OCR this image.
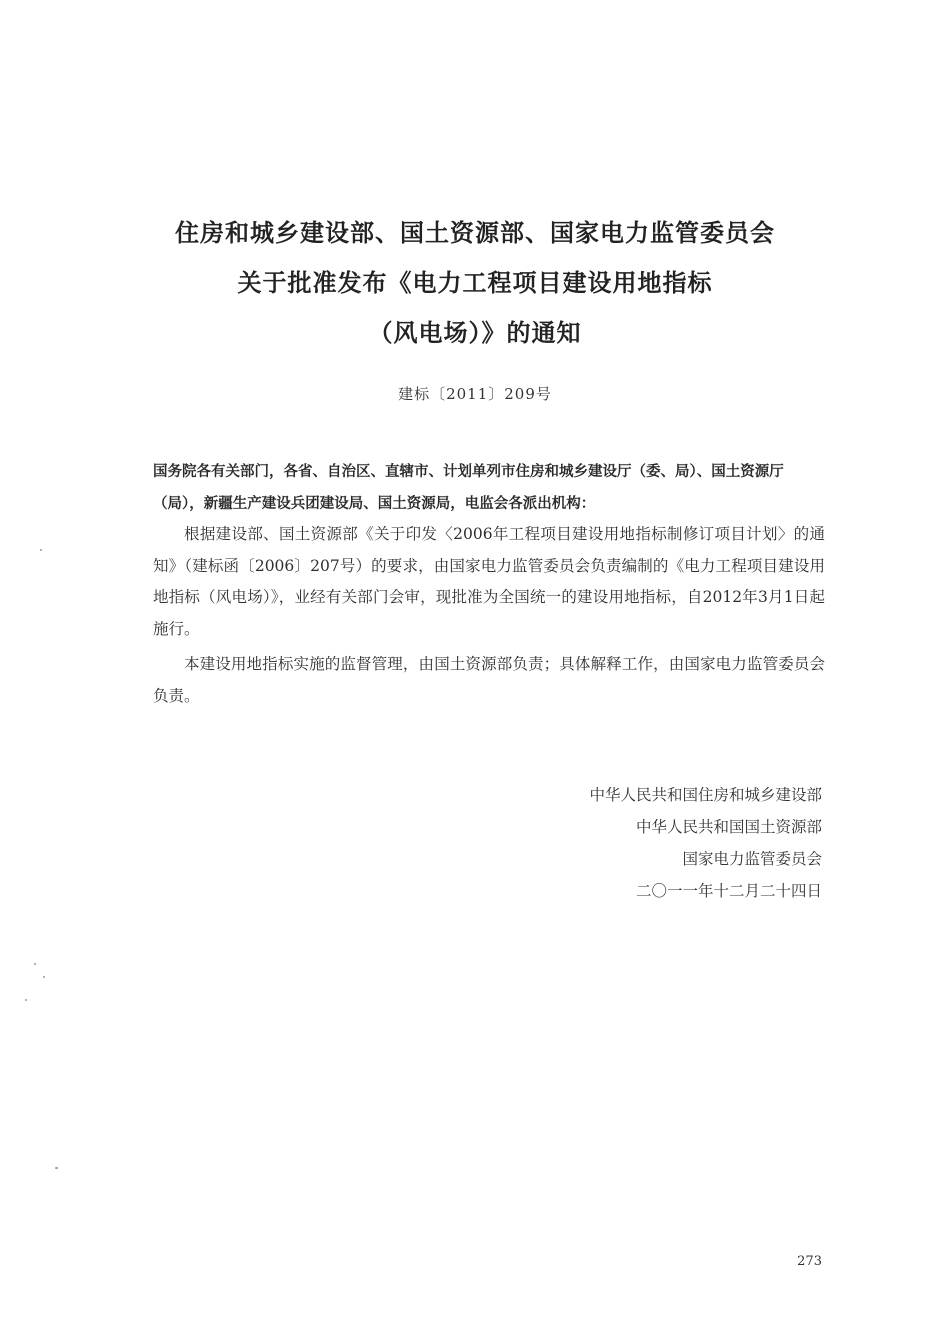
住房和城乡建设部、国土资源部、国家电力监管委员会
关于批准发布《电力工程项目建设用地指标
（风电场）》的通知
建标〔2011〕209号
国务院各有关部门，各省、自治区、直辖市、计划单列市住房和城乡建设厅（委、局）、国土资源厅（局），新疆生产建设兵团建设局、国土资源局，电监会各派出机构：

根据建设部、国土资源部《关于印发〈2006年工程项目建设用地指标制修订项目计划〉的通知》（建标函〔2006〕207号）的要求，由国家电力监管委员会负责编制的《电力工程项目建设用地指标（风电场）》，业经有关部门会审，现批准为全国统一的建设用地指标，自2012年3月1日起施行。

本建设用地指标实施的监督管理，由国土资源部负责；具体解释工作，由国家电力监管委员会负责。

中华人民共和国住房和城乡建设部
中华人民共和国国土资源部
国家电力监管委员会
二〇一一年十二月二十四日
273
